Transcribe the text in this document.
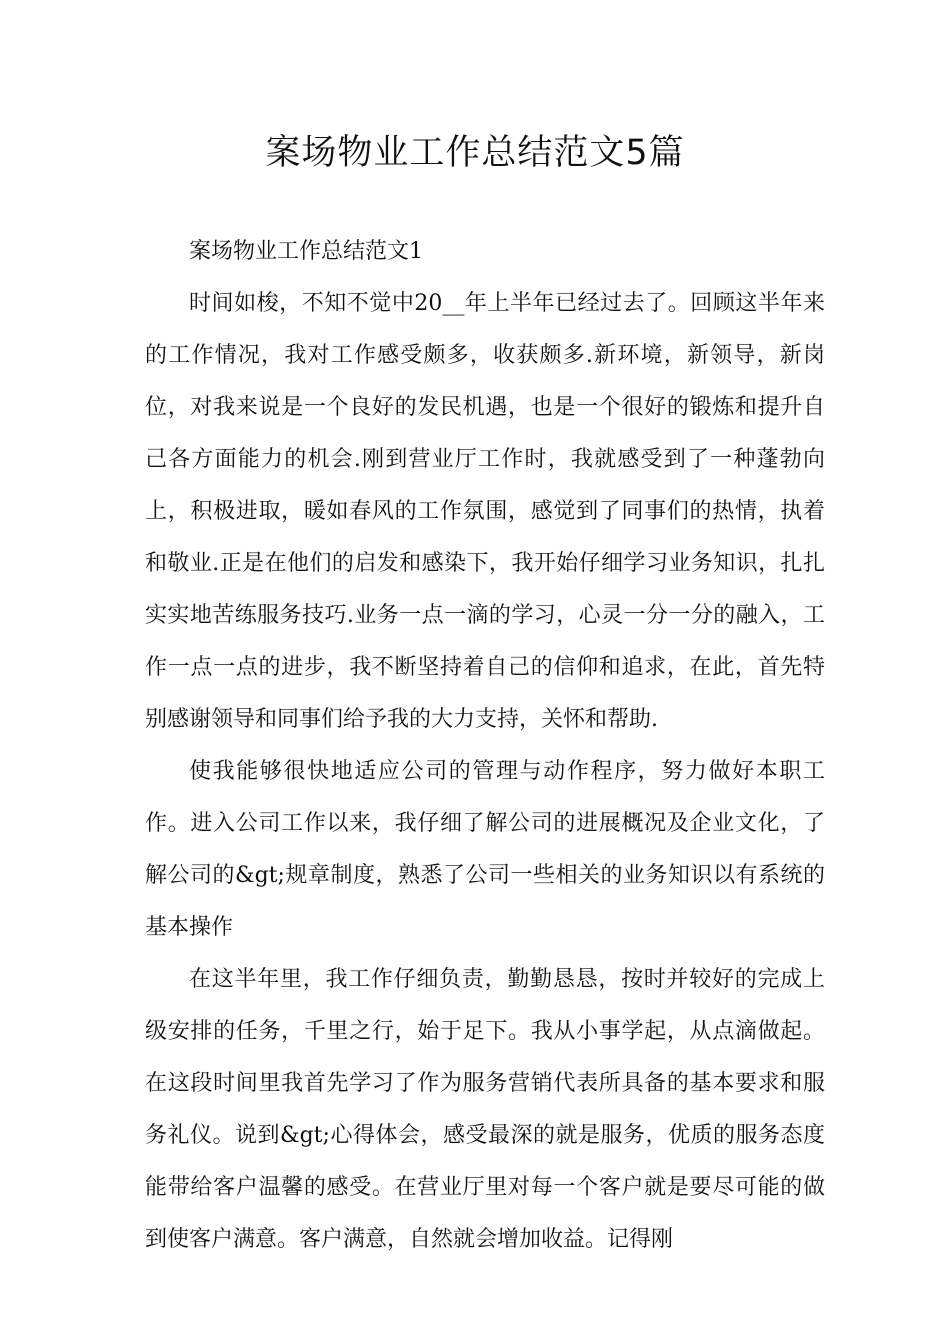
案场物业工作总结范文5篇

案场物业工作总结范文1

时间如梭，不知不觉中20__年上半年已经过去了。回顾这半年来的工作情况，我对工作感受颇多，收获颇多.新环境，新领导，新岗位，对我来说是一个良好的发民机遇，也是一个很好的锻炼和提升自己各方面能力的机会.刚到营业厅工作时，我就感受到了一种蓬勃向上，积极进取，暖如春风的工作氛围，感觉到了同事们的热情，执着和敬业.正是在他们的启发和感染下，我开始仔细学习业务知识，扎扎实实地苦练服务技巧.业务一点一滴的学习，心灵一分一分的融入，工作一点一点的进步，我不断坚持着自己的信仰和追求，在此，首先特别感谢领导和同事们给予我的大力支持，关怀和帮助.

使我能够很快地适应公司的管理与动作程序，努力做好本职工作。进入公司工作以来，我仔细了解公司的进展概况及企业文化，了解公司的&gt;规章制度，熟悉了公司一些相关的业务知识以有系统的基本操作

在这半年里，我工作仔细负责，勤勤恳恳，按时并较好的完成上级安排的任务，千里之行，始于足下。我从小事学起，从点滴做起。在这段时间里我首先学习了作为服务营销代表所具备的基本要求和服务礼仪。说到&gt;心得体会，感受最深的就是服务，优质的服务态度能带给客户温馨的感受。在营业厅里对每一个客户就是要尽可能的做到使客户满意。客户满意，自然就会增加收益。记得刚
